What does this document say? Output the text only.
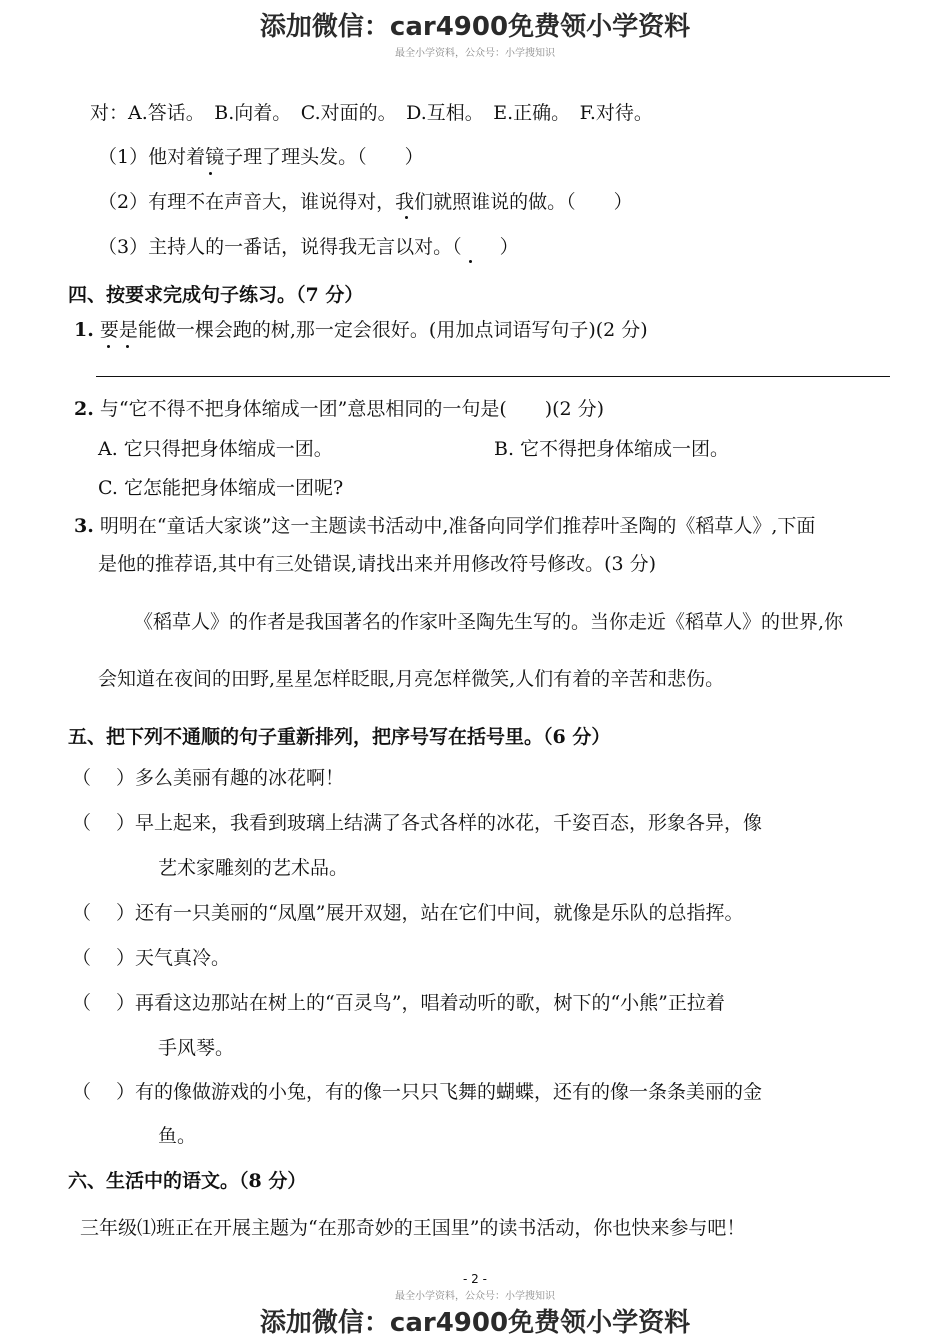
添加微信：car4900免费领小学资料
最全小学资料，公众号：小学搜知识
对：A.答话。　B.向着。　C.对面的。　D.互相。　E.正确。　F.对待。
（1）他对着镜子理了理头发。（　　）
（2）有理不在声音大，谁说得对，我们就照谁说的做。（　　）
（3）主持人的一番话，说得我无言以对。（　　）
四、按要求完成句子练习。（7 分）
1. 要是能做一棵会跑的树,那一定会很好。(用加点词语写句子)(2 分)
2. 与“它不得不把身体缩成一团”意思相同的一句是(　　)(2 分)
A. 它只得把身体缩成一团。	B. 它不得把身体缩成一团。
C. 它怎能把身体缩成一团呢?
3. 明明在“童话大家谈”这一主题读书活动中,准备向同学们推荐叶圣陶的《稻草人》,下面
是他的推荐语,其中有三处错误,请找出来并用修改符号修改。(3 分)
《稻草人》的作者是我国著名的作家叶圣陶先生写的。当你走近《稻草人》的世界,你
会知道在夜间的田野,星星怎样眨眼,月亮怎样微笑,人们有着的辛苦和悲伤。
五、把下列不通顺的句子重新排列，把序号写在括号里。（6 分）
（　 ）多么美丽有趣的冰花啊！
（　 ）早上起来，我看到玻璃上结满了各式各样的冰花，千姿百态，形象各异，像
艺术家雕刻的艺术品。
（　 ）还有一只美丽的“凤凰”展开双翅，站在它们中间，就像是乐队的总指挥。
（　 ）天气真冷。
（　 ）再看这边那站在树上的“百灵鸟”，唱着动听的歌，树下的“小熊”正拉着
手风琴。
（　 ）有的像做游戏的小兔，有的像一只只飞舞的蝴蝶，还有的像一条条美丽的金
鱼。
六、生活中的语文。（8 分）
三年级⑴班正在开展主题为“在那奇妙的王国里”的读书活动，你也快来参与吧！
- 2 -
最全小学资料，公众号：小学搜知识
添加微信：car4900免费领小学资料
